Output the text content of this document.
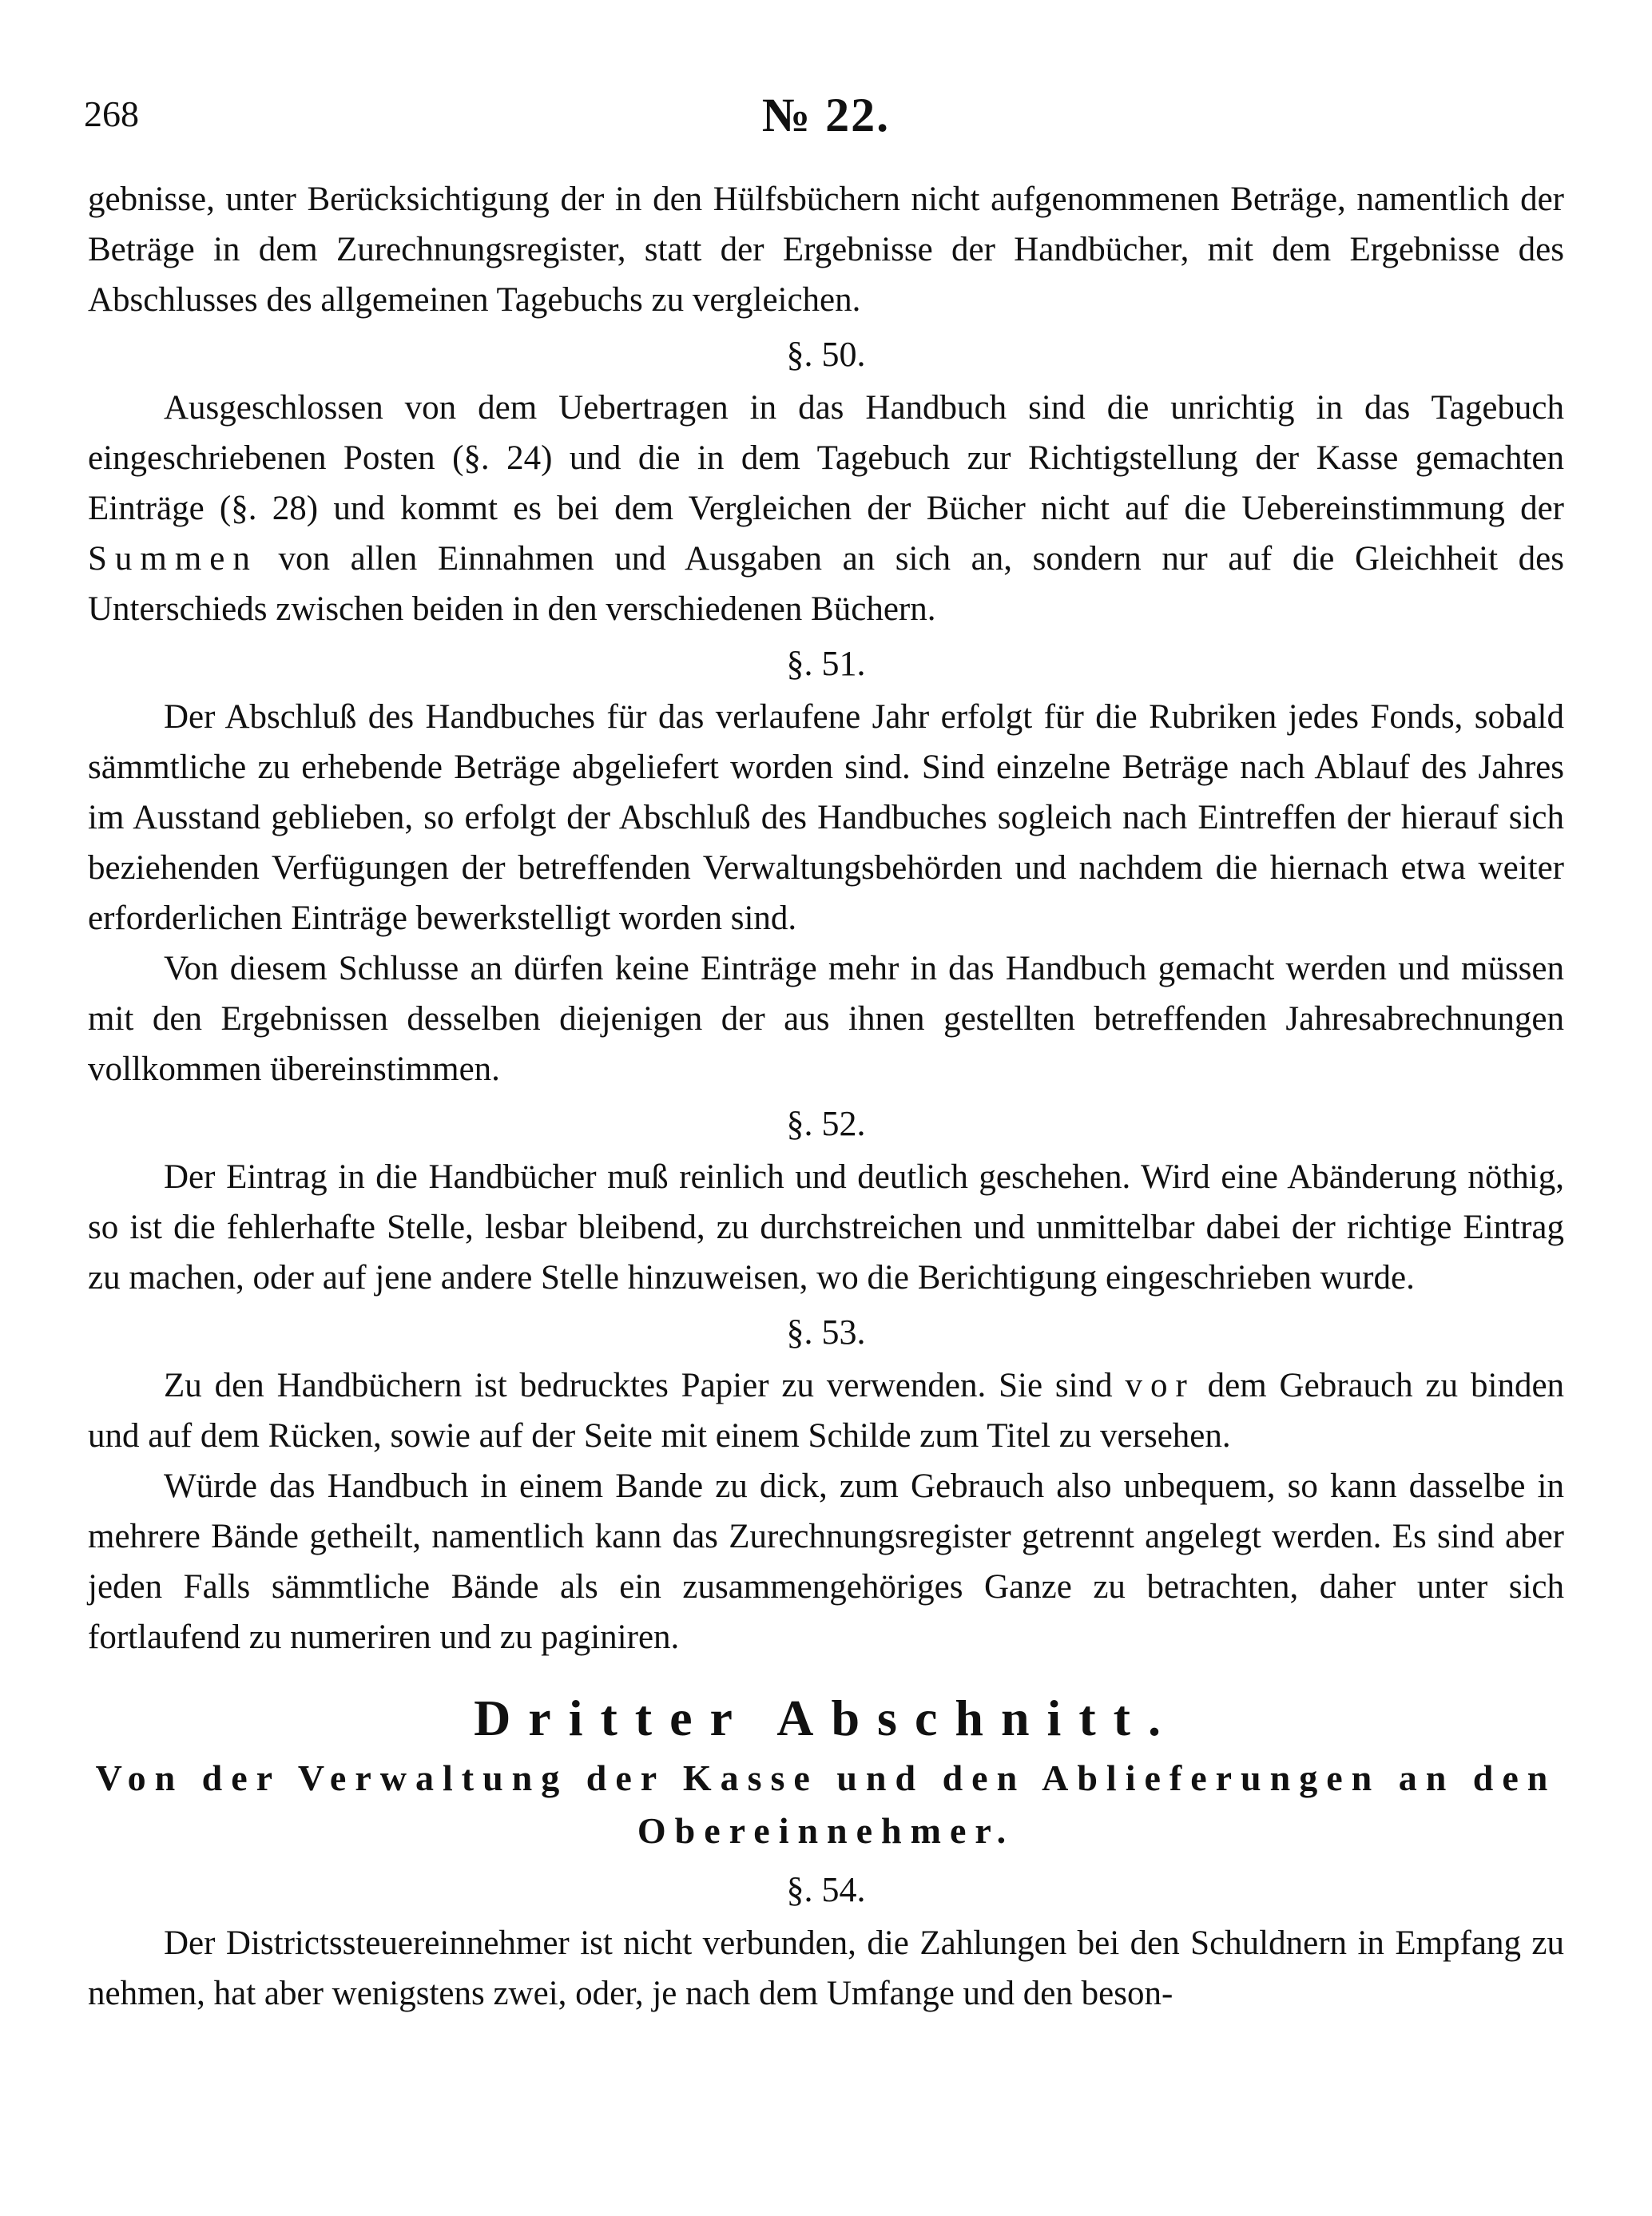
268	№ 22.

gebnisse, unter Berücksichtigung der in den Hülfsbüchern nicht aufgenommenen Beträge, namentlich der Beträge in dem Zurechnungsregister, statt der Ergebnisse der Handbücher, mit dem Ergebnisse des Abschlusses des allgemeinen Tagebuchs zu vergleichen.

§. 50.

Ausgeschlossen von dem Uebertragen in das Handbuch sind die unrichtig in das Tagebuch eingeschriebenen Posten (§. 24) und die in dem Tagebuch zur Richtigstellung der Kasse gemachten Einträge (§. 28) und kommt es bei dem Vergleichen der Bücher nicht auf die Uebereinstimmung der Summen von allen Einnahmen und Ausgaben an sich an, sondern nur auf die Gleichheit des Unterschieds zwischen beiden in den verschiedenen Büchern.

§. 51.

Der Abschluß des Handbuches für das verlaufene Jahr erfolgt für die Rubriken jedes Fonds, sobald sämmtliche zu erhebende Beträge abgeliefert worden sind. Sind einzelne Beträge nach Ablauf des Jahres im Ausstand geblieben, so erfolgt der Abschluß des Handbuches sogleich nach Eintreffen der hierauf sich beziehenden Verfügungen der betreffenden Verwaltungsbehörden und nachdem die hiernach etwa weiter erforderlichen Einträge bewerkstelligt worden sind.

Von diesem Schlusse an dürfen keine Einträge mehr in das Handbuch gemacht werden und müssen mit den Ergebnissen desselben diejenigen der aus ihnen gestellten betreffenden Jahresabrechnungen vollkommen übereinstimmen.

§. 52.

Der Eintrag in die Handbücher muß reinlich und deutlich geschehen. Wird eine Abänderung nöthig, so ist die fehlerhafte Stelle, lesbar bleibend, zu durchstreichen und unmittelbar dabei der richtige Eintrag zu machen, oder auf jene andere Stelle hinzuweisen, wo die Berichtigung eingeschrieben wurde.

§. 53.

Zu den Handbüchern ist bedrucktes Papier zu verwenden. Sie sind vor dem Gebrauch zu binden und auf dem Rücken, sowie auf der Seite mit einem Schilde zum Titel zu versehen.

Würde das Handbuch in einem Bande zu dick, zum Gebrauch also unbequem, so kann dasselbe in mehrere Bände getheilt, namentlich kann das Zurechnungsregister getrennt angelegt werden. Es sind aber jeden Falls sämmtliche Bände als ein zusammengehöriges Ganze zu betrachten, daher unter sich fortlaufend zu numeriren und zu paginiren.

Dritter Abschnitt.
Von der Verwaltung der Kasse und den Ablieferungen an den Obereinnehmer.
§. 54.

Der Districtssteuereinnehmer ist nicht verbunden, die Zahlungen bei den Schuldnern in Empfang zu nehmen, hat aber wenigstens zwei, oder, je nach dem Umfange und den beson-
